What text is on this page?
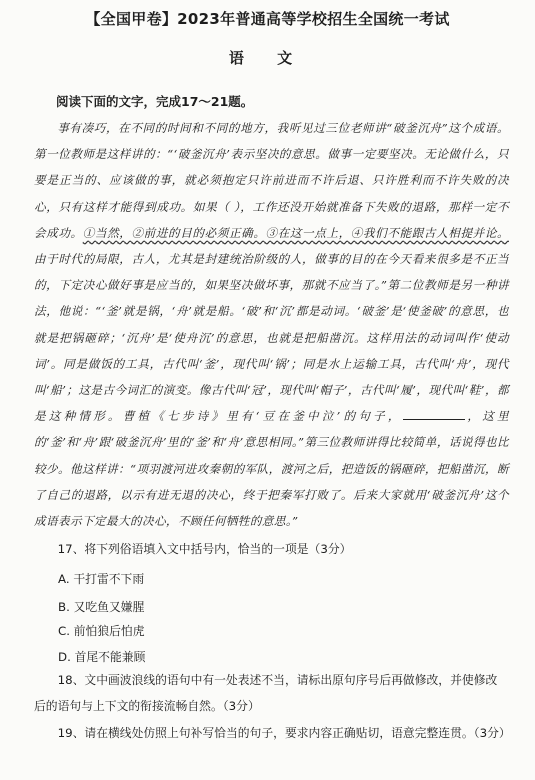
【全国甲卷】2023年普通高等学校招生全国统一考试
语 文
阅读下面的文字，完成17～21题。

事有凑巧，在不同的时间和不同的地方，我听见过三位老师讲“破釜沉舟”这个成语。第一位教师是这样讲的：“‘破釜沉舟’表示坚决的意思。做事一定要坚决。无论做什么，只要是正当的、应该做的事，就必须抱定只许前进而不许后退、只许胜利而不许失败的决心，只有这样才能得到成功。如果（ ），工作还没开始就准备下失败的退路，那样一定不会成功。①当然，②前进的目的必须正确。③在这一点上，④我们不能跟古人相提并论。由于时代的局限，古人，尤其是封建统治阶级的人，做事的目的在今天看来很多是不正当的，下定决心做好事是应当的，如果坚决做坏事，那就不应当了。”第二位教师是另一种讲法，他说：“‘釜’就是锅，‘舟’就是船。‘破’和‘沉’都是动词。‘破釜’是‘使釜破’的意思，也就是把锅砸碎；‘沉舟’是‘使舟沉’的意思，也就是把船凿沉。这样用法的动词叫作‘使动词’。同是做饭的工具，古代叫‘釜’，现代叫‘锅’；同是水上运输工具，古代叫‘舟’，现代叫‘船’；这是古今词汇的演变。像古代叫‘冠’，现代叫‘帽子’，古代叫‘履’，现代叫‘鞋’，都是这种情形。曹植《七步诗》里有‘豆在釜中泣’的句子，	，这里的‘釜’和‘舟’跟‘破釜沉舟’里的‘釜’和‘舟’意思相同。”第三位教师讲得比较简单，话说得也比较少。他这样讲：“项羽渡河进攻秦朝的军队，渡河之后，把造饭的锅砸碎，把船凿沉，断了自己的退路，以示有进无退的决心，终于把秦军打败了。后来大家就用‘破釜沉舟’这个成语表示下定最大的决心，不顾任何牺牲的意思。”

17、将下列俗语填入文中括号内，恰当的一项是（3分）
A. 干打雷不下雨
B. 又吃鱼又嫌腥
C. 前怕狼后怕虎
D. 首尾不能兼顾
18、文中画波浪线的语句中有一处表述不当，请标出原句序号后再做修改，并使修改后的语句与上下文的衔接流畅自然。（3分）
19、请在横线处仿照上句补写恰当的句子，要求内容正确贴切，语意完整连贯。（3分）
